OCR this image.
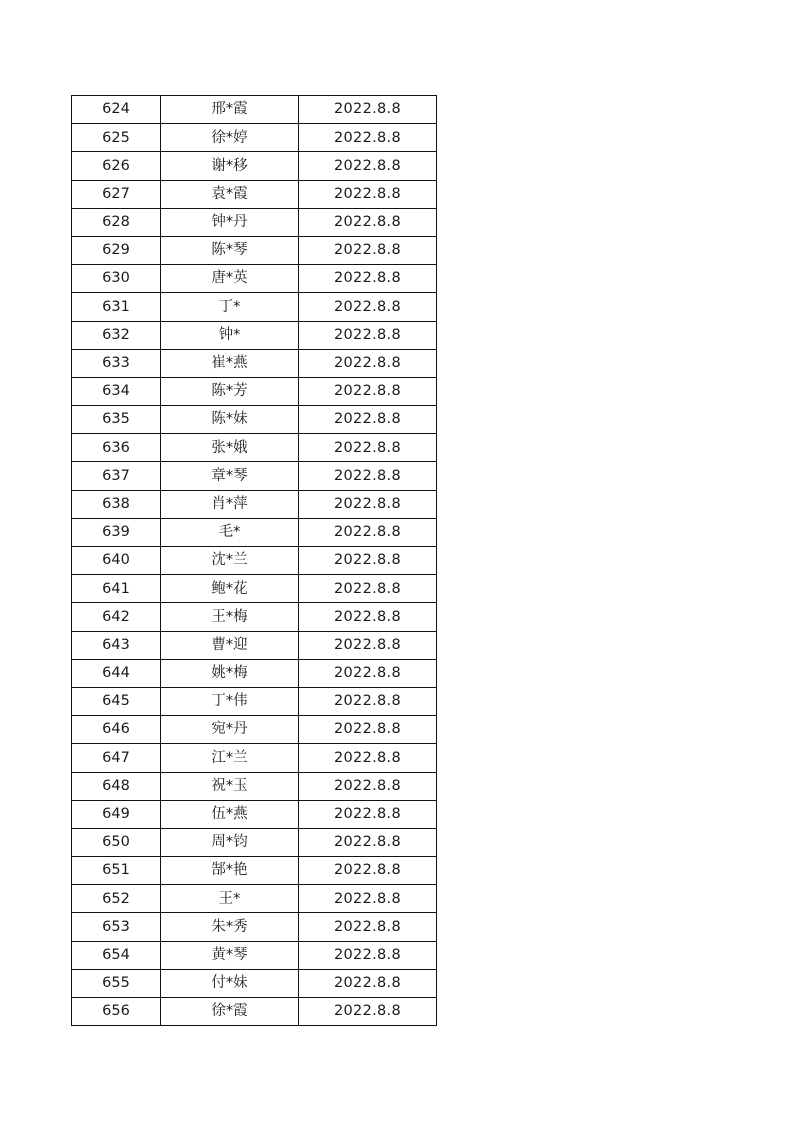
624	邢*霞	2022.8.8
625	徐*婷	2022.8.8
626	谢*移	2022.8.8
627	袁*霞	2022.8.8
628	钟*丹	2022.8.8
629	陈*琴	2022.8.8
630	唐*英	2022.8.8
631	丁*	2022.8.8
632	钟*	2022.8.8
633	崔*燕	2022.8.8
634	陈*芳	2022.8.8
635	陈*妹	2022.8.8
636	张*娥	2022.8.8
637	章*琴	2022.8.8
638	肖*萍	2022.8.8
639	毛*	2022.8.8
640	沈*兰	2022.8.8
641	鲍*花	2022.8.8
642	王*梅	2022.8.8
643	曹*迎	2022.8.8
644	姚*梅	2022.8.8
645	丁*伟	2022.8.8
646	宛*丹	2022.8.8
647	江*兰	2022.8.8
648	祝*玉	2022.8.8
649	伍*燕	2022.8.8
650	周*钧	2022.8.8
651	郜*艳	2022.8.8
652	王*	2022.8.8
653	朱*秀	2022.8.8
654	黄*琴	2022.8.8
655	付*妹	2022.8.8
656	徐*霞	2022.8.8
